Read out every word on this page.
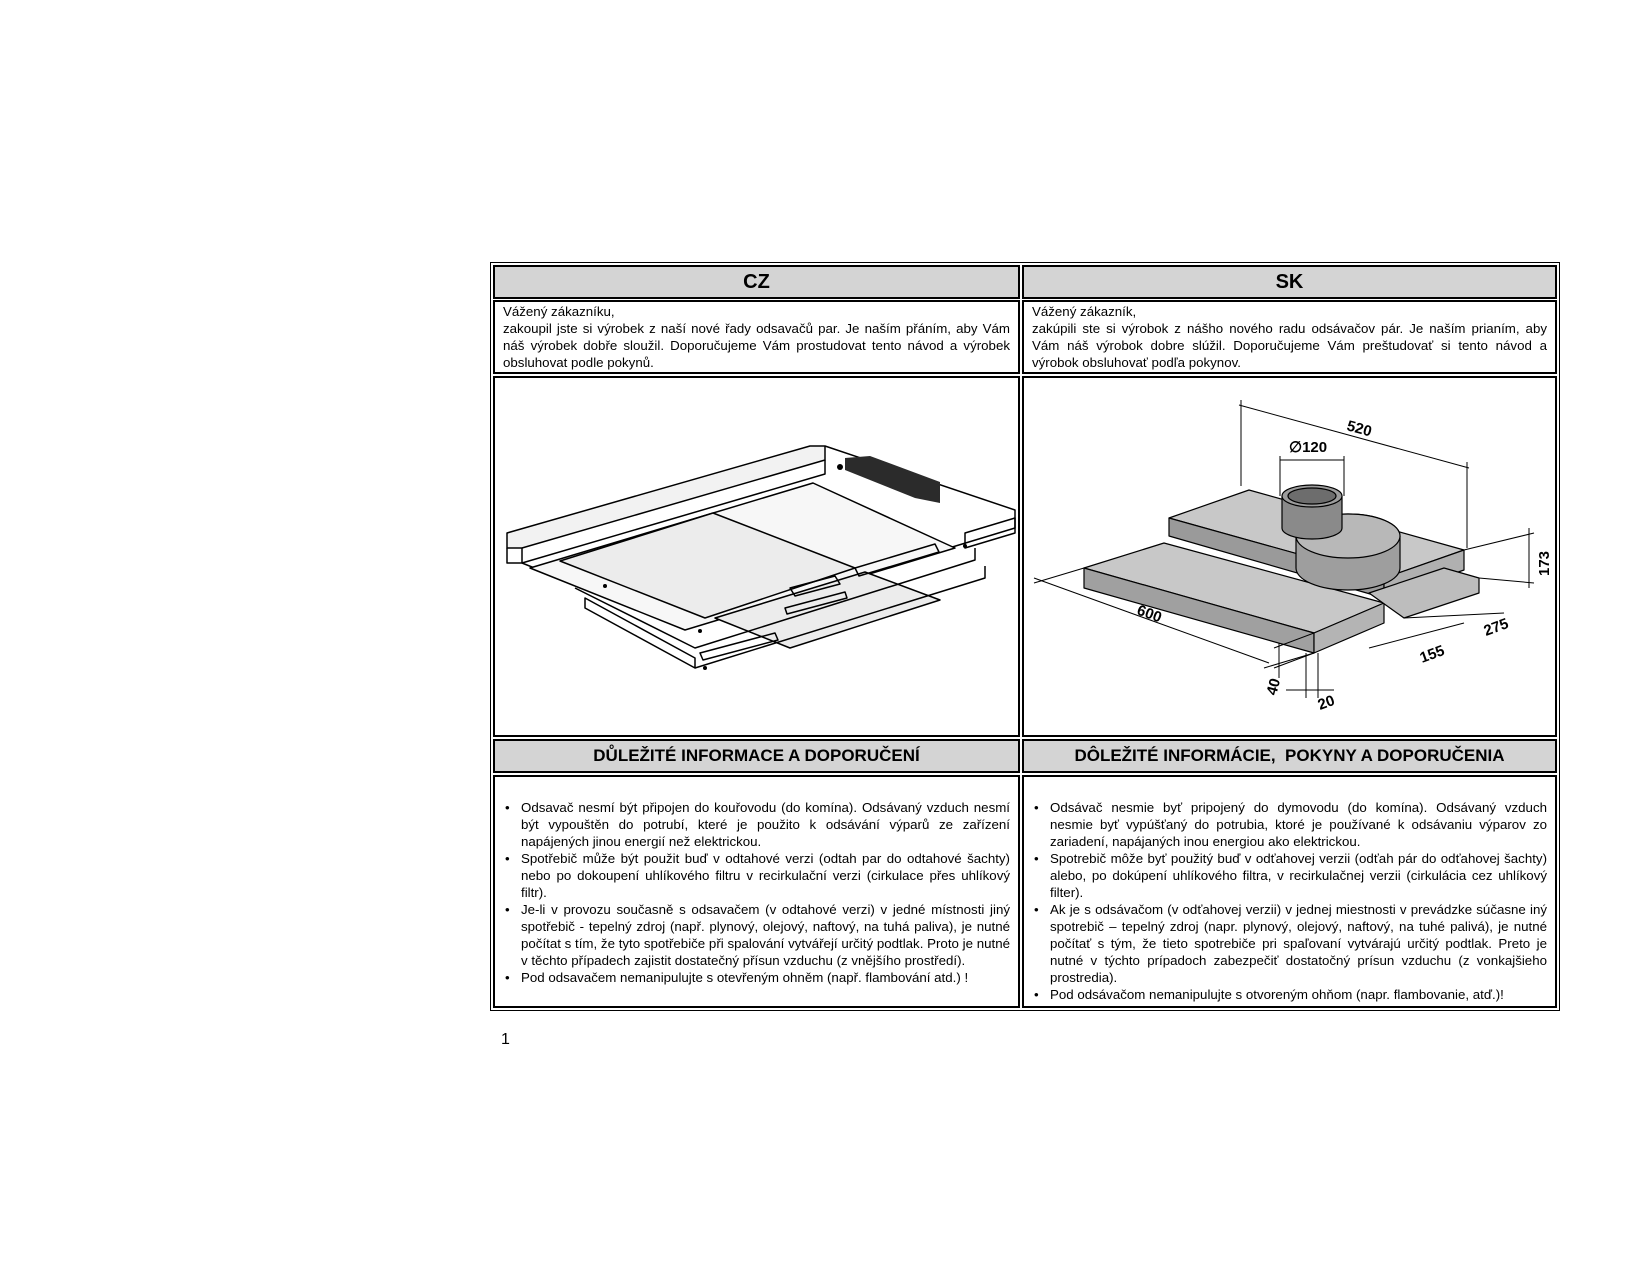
CZ	SK

Vážený zákazníku,

zakoupil jste si výrobek z naší nové řady odsavačů par. Je naším přáním, aby Vám náš výrobek dobře sloužil. Doporučujeme Vám prostudovat tento návod a výrobek obsluhovat podle pokynů.

Vážený zákazník,

zakúpili ste si výrobok z nášho nového radu odsávačov pár. Je naším prianím, aby Vám náš výrobok dobre slúžil. Doporučujeme Vám preštudovať si tento návod a výrobok obsluhovať podľa pokynov.

520
∅120
173
275
155
600
40
20
DŮLEŽITÉ INFORMACE A DOPORUČENÍ	DÔLEŽITÉ INFORMÁCIE,  POKYNY A DOPORUČENIA
• Odsavač nesmí být připojen do kouřovodu (do komína). Odsávaný vzduch nesmí být vypouštěn do potrubí, které je použito k odsávání výparů ze zařízení napájených jinou energií než elektrickou.
• Spotřebič může být použit buď v odtahové verzi (odtah par do odtahové šachty) nebo po dokoupení uhlíkového filtru v recirkulační verzi (cirkulace přes uhlíkový filtr).
• Je-li v provozu současně s odsavačem (v odtahové verzi) v jedné místnosti jiný spotřebič - tepelný zdroj (např. plynový, olejový, naftový, na tuhá paliva), je nutné počítat s tím, že tyto spotřebiče při spalování vytvářejí určitý podtlak. Proto je nutné v těchto případech zajistit dostatečný přísun vzduchu (z vnějšího prostředí).
• Pod odsavačem nemanipulujte s otevřeným ohněm (např. flambování atd.) !
• Odsávač nesmie byť pripojený do dymovodu (do komína). Odsávaný vzduch nesmie byť vypúšťaný do potrubia, ktoré je používané k odsávaniu výparov zo zariadení, napájaných inou energiou ako elektrickou.
• Spotrebič môže byť použitý buď v odťahovej verzii (odťah pár do odťahovej šachty) alebo, po dokúpení uhlíkového filtra, v recirkulačnej verzii (cirkulácia cez uhlíkový filter).
• Ak je s odsávačom (v odťahovej verzii) v jednej miestnosti v prevádzke súčasne iný spotrebič – tepelný zdroj (napr. plynový, olejový, naftový, na tuhé palivá), je nutné počítať s tým, že tieto spotrebiče pri spaľovaní vytvárajú určitý podtlak. Preto je nutné v týchto prípadoch zabezpečiť dostatočný prísun vzduchu (z vonkajšieho prostredia).
• Pod odsávačom nemanipulujte s otvoreným ohňom (napr. flambovanie, atď.)!
1
